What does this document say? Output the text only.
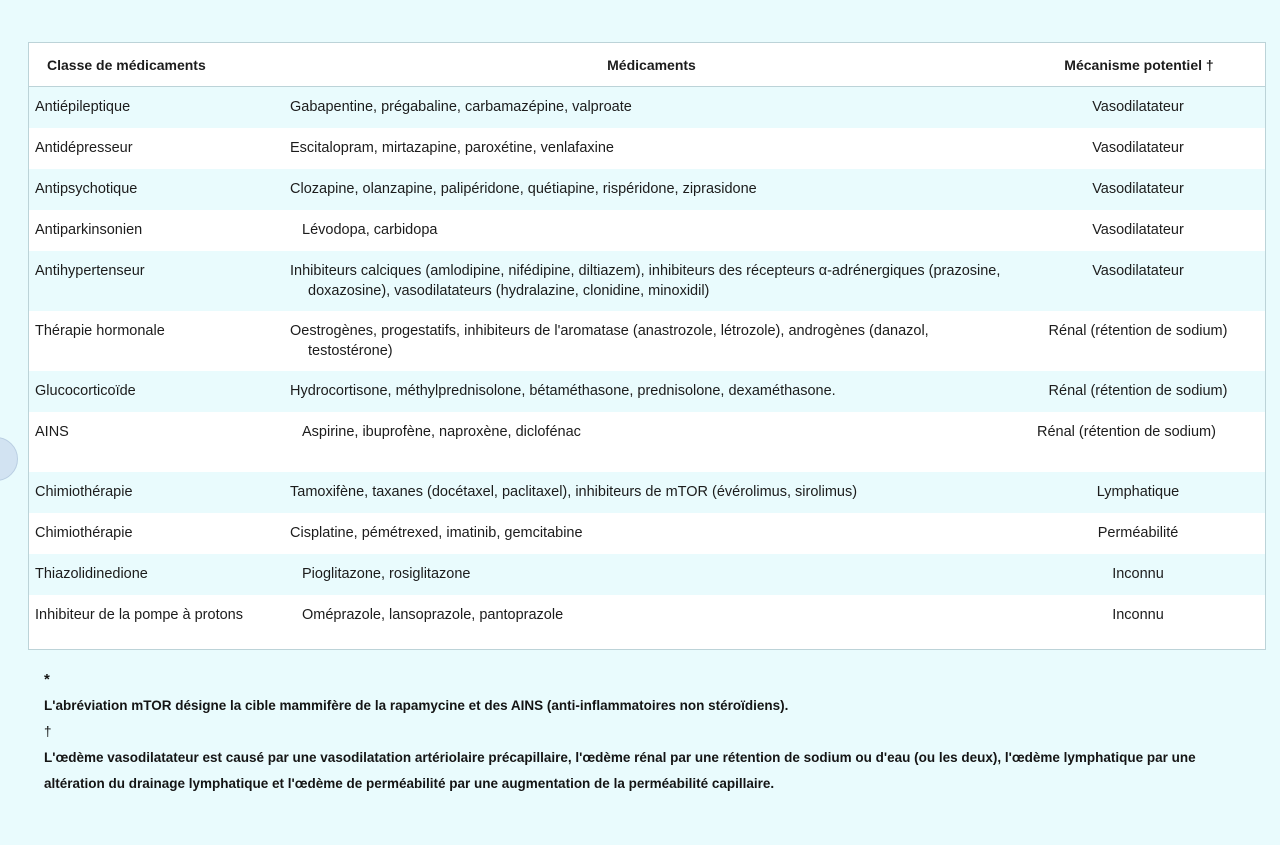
Classe de médicaments	Médicaments	Mécanisme potentiel †
Antiépileptique	Gabapentine, prégabaline, carbamazépine, valproate	Vasodilatateur
Antidépresseur	Escitalopram, mirtazapine, paroxétine, venlafaxine	Vasodilatateur
Antipsychotique	Clozapine, olanzapine, palipéridone, quétiapine, rispéridone, ziprasidone	Vasodilatateur
Antiparkinsonien	Lévodopa, carbidopa	Vasodilatateur
Antihypertenseur	Inhibiteurs calciques (amlodipine, nifédipine, diltiazem), inhibiteurs des récepteurs α-adrénergiques (prazosine, doxazosine), vasodilatateurs (hydralazine, clonidine, minoxidil)	Vasodilatateur
Thérapie hormonale	Oestrogènes, progestatifs, inhibiteurs de l'aromatase (anastrozole, létrozole), androgènes (danazol, testostérone)	Rénal (rétention de sodium)
Glucocorticoïde	Hydrocortisone, méthylprednisolone, bétaméthasone, prednisolone, dexaméthasone.	Rénal (rétention de sodium)
AINS	Aspirine, ibuprofène, naproxène, diclofénac	Rénal (rétention de sodium)
Chimiothérapie	Tamoxifène, taxanes (docétaxel, paclitaxel), inhibiteurs de mTOR (évérolimus, sirolimus)	Lymphatique
Chimiothérapie	Cisplatine, pémétrexed, imatinib, gemcitabine	Perméabilité
Thiazolidinedione	Pioglitazone, rosiglitazone	Inconnu

Inhibiteur de la pompe à protons	Oméprazole, lansoprazole, pantoprazole	Inconnu

*

L'abréviation mTOR désigne la cible mammifère de la rapamycine et des AINS (anti-inflammatoires non stéroïdiens).

†

L'œdème vasodilatateur est causé par une vasodilatation artériolaire précapillaire, l'œdème rénal par une rétention de sodium ou d'eau (ou les deux), l'œdème lymphatique par une altération du drainage lymphatique et l'œdème de perméabilité par une augmentation de la perméabilité capillaire.
